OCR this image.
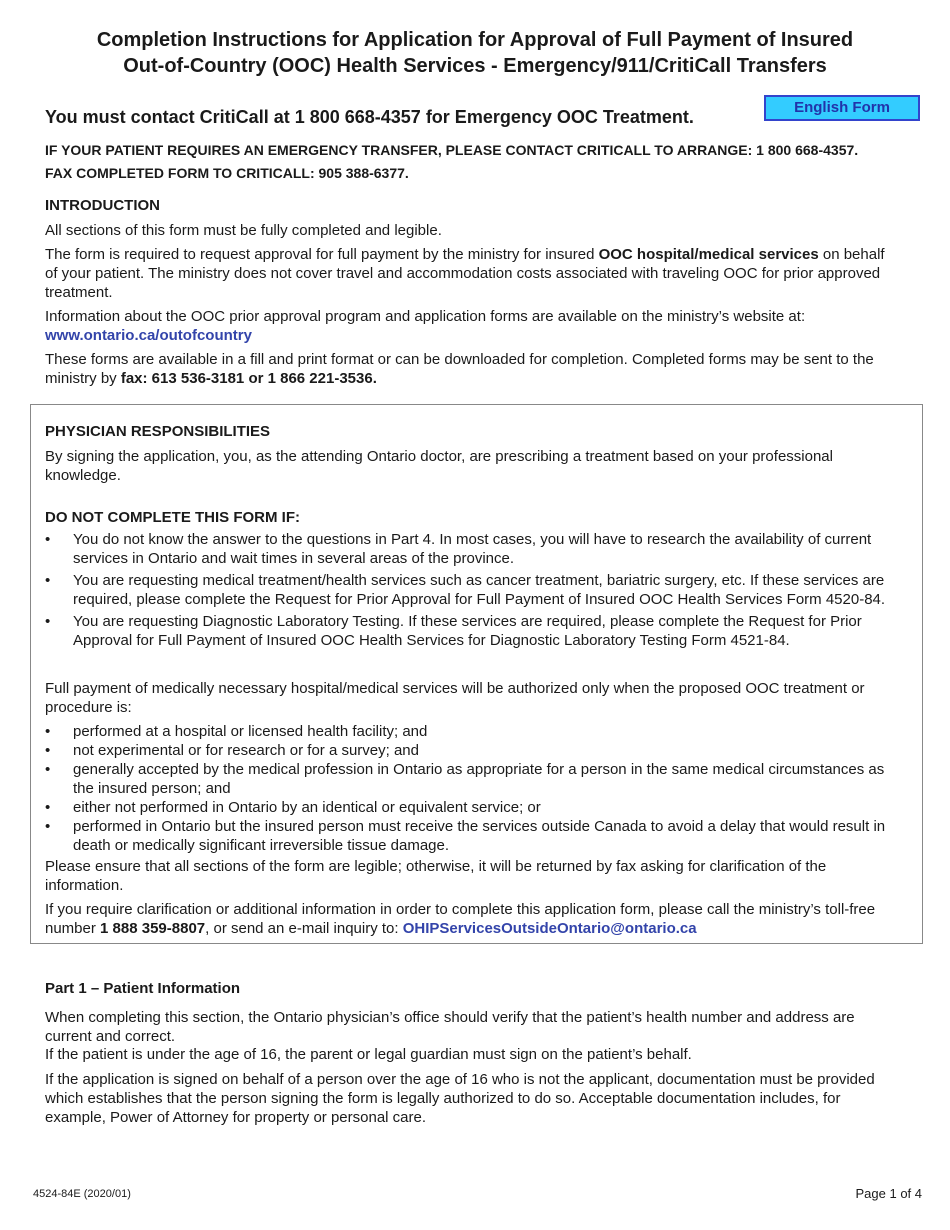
Completion Instructions for Application for Approval of Full Payment of Insured
Out-of-Country (OOC) Health Services - Emergency/911/CritiCall Transfers

You must contact CritiCall at 1 800 668-4357 for Emergency OOC Treatment.	English Form

IF YOUR PATIENT REQUIRES AN EMERGENCY TRANSFER, PLEASE CONTACT CRITICALL TO ARRANGE: 1 800 668-4357.

FAX COMPLETED FORM TO CRITICALL: 905 388-6377.

INTRODUCTION

All sections of this form must be fully completed and legible.

The form is required to request approval for full payment by the ministry for insured OOC hospital/medical services on behalf of your patient. The ministry does not cover travel and accommodation costs associated with traveling OOC for prior approved treatment.

Information about the OOC prior approval program and application forms are available on the ministry’s website at:
www.ontario.ca/outofcountry

These forms are available in a fill and print format or can be downloaded for completion. Completed forms may be sent to the ministry by fax: 613 536-3181 or 1 866 221-3536.

PHYSICIAN RESPONSIBILITIES

By signing the application, you, as the attending Ontario doctor, are prescribing a treatment based on your professional knowledge.

DO NOT COMPLETE THIS FORM IF:

• You do not know the answer to the questions in Part 4. In most cases, you will have to research the availability of current services in Ontario and wait times in several areas of the province.
• You are requesting medical treatment/health services such as cancer treatment, bariatric surgery, etc. If these services are required, please complete the Request for Prior Approval for Full Payment of Insured OOC Health Services Form 4520-84.
• You are requesting Diagnostic Laboratory Testing. If these services are required, please complete the Request for Prior Approval for Full Payment of Insured OOC Health Services for Diagnostic Laboratory Testing Form 4521-84.

Full payment of medically necessary hospital/medical services will be authorized only when the proposed OOC treatment or procedure is:

• performed at a hospital or licensed health facility; and
• not experimental or for research or for a survey; and
• generally accepted by the medical profession in Ontario as appropriate for a person in the same medical circumstances as the insured person; and
• either not performed in Ontario by an identical or equivalent service; or
• performed in Ontario but the insured person must receive the services outside Canada to avoid a delay that would result in death or medically significant irreversible tissue damage.

Please ensure that all sections of the form are legible; otherwise, it will be returned by fax asking for clarification of the information.

If you require clarification or additional information in order to complete this application form, please call the ministry’s toll-free number 1 888 359-8807, or send an e-mail inquiry to: OHIPServicesOutsideOntario@ontario.ca

Part 1 – Patient Information

When completing this section, the Ontario physician’s office should verify that the patient’s health number and address are current and correct.

If the patient is under the age of 16, the parent or legal guardian must sign on the patient’s behalf.

If the application is signed on behalf of a person over the age of 16 who is not the applicant, documentation must be provided which establishes that the person signing the form is legally authorized to do so. Acceptable documentation includes, for example, Power of Attorney for property or personal care.

4524-84E (2020/01)	Page 1 of 4
